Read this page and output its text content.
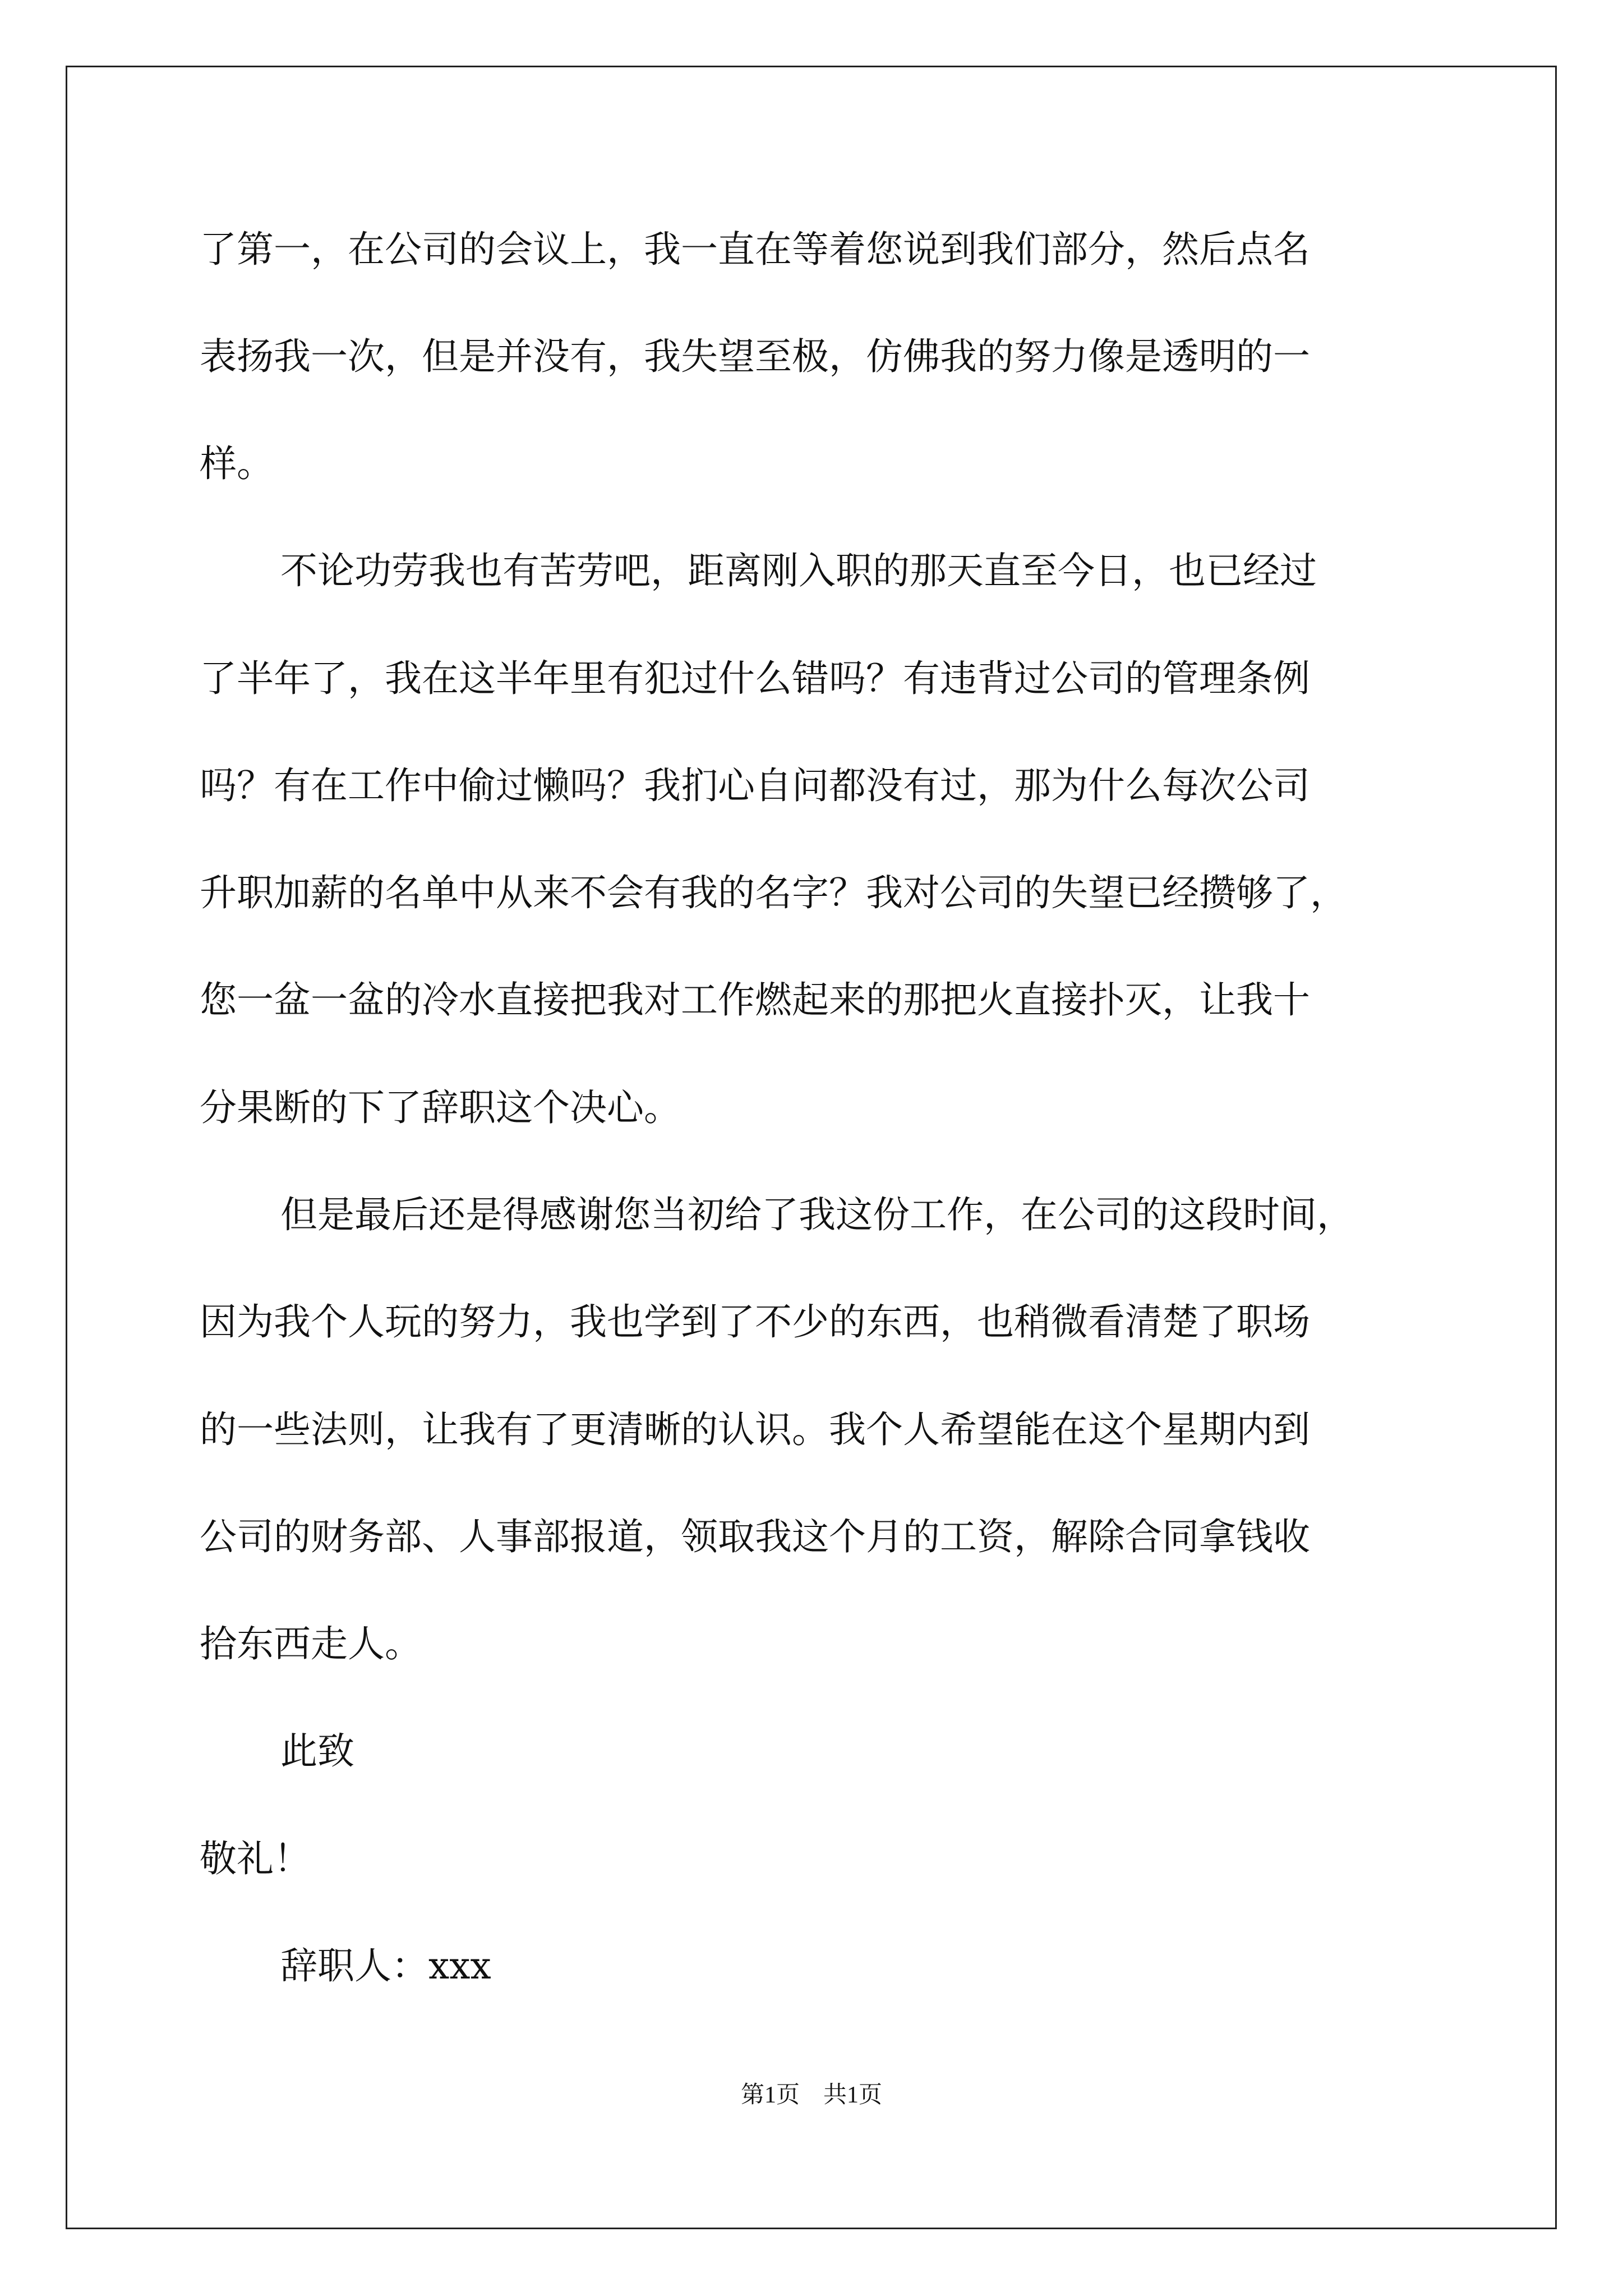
了第一，在公司的会议上，我一直在等着您说到我们部分，然后点名
表扬我一次，但是并没有，我失望至极，仿佛我的努力像是透明的一
样。
不论功劳我也有苦劳吧，距离刚入职的那天直至今日，也已经过
了半年了，我在这半年里有犯过什么错吗？有违背过公司的管理条例
吗？有在工作中偷过懒吗？我扪心自问都没有过，那为什么每次公司
升职加薪的名单中从来不会有我的名字？我对公司的失望已经攒够了，
您一盆一盆的冷水直接把我对工作燃起来的那把火直接扑灭，让我十
分果断的下了辞职这个决心。
但是最后还是得感谢您当初给了我这份工作，在公司的这段时间，
因为我个人玩的努力，我也学到了不少的东西，也稍微看清楚了职场
的一些法则，让我有了更清晰的认识。我个人希望能在这个星期内到
公司的财务部、人事部报道，领取我这个月的工资，解除合同拿钱收
拾东西走人。
此致
敬礼！
辞职人：xxx
第1页　共1页
